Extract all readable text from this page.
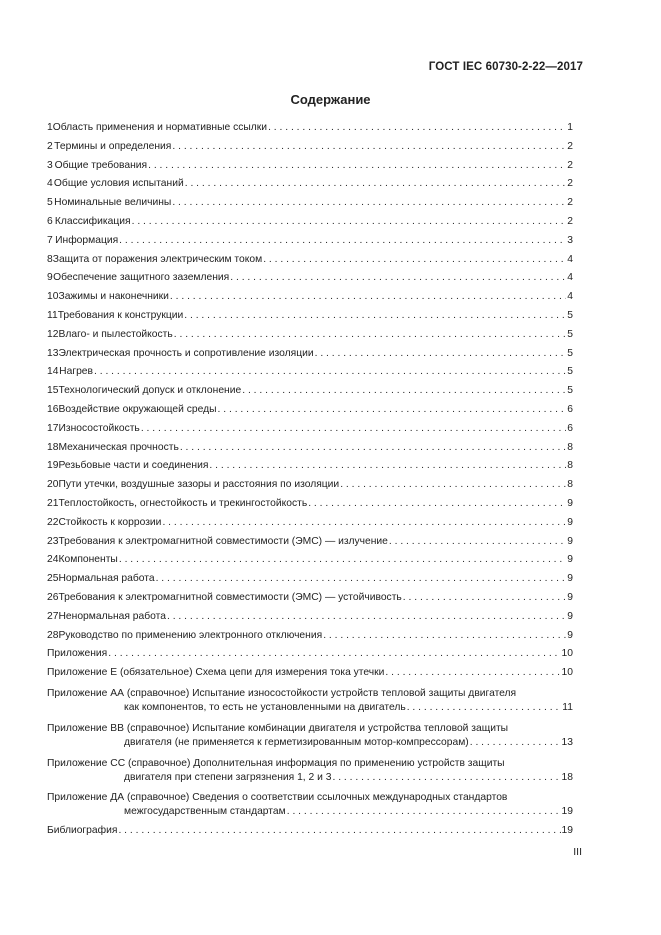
ГОСТ IEC 60730-2-22—2017
Содержание
1 Область применения и нормативные ссылки . . .	1
2 Термины и определения . . .	2
3 Общие требования . . .	2
4 Общие условия испытаний . . .	2
5 Номинальные величины . . .	2
6 Классификация . . .	2
7 Информация . . .	3
8 Защита от поражения электрическим током . . .	4
9 Обеспечение защитного заземления . . .	4
10 Зажимы и наконечники . . .	4
11 Требования к конструкции . . .	5
12 Влаго- и пылестойкость . . .	5
13 Электрическая прочность и сопротивление изоляции . . .	5
14 Нагрев . . .	5
15 Технологический допуск и отклонение . . .	5
16 Воздействие окружающей среды . . .	6
17 Износостойкость . . .	6
18 Механическая прочность . . .	8
19 Резьбовые части и соединения . . .	8
20 Пути утечки, воздушные зазоры и расстояния по изоляции . . .	8
21 Теплостойкость, огнестойкость и трекингостойкость . . .	9
22 Стойкость к коррозии . . .	9
23 Требования к электромагнитной совместимости (ЭМС) — излучение . . .	9
24 Компоненты . . .	9
25 Нормальная работа . . .	9
26 Требования к электромагнитной совместимости (ЭМС) — устойчивость . . .	9
27 Ненормальная работа . . .	9
28 Руководство по применению электронного отключения . . .	9
Приложения . . .	10
Приложение Е (обязательное) Схема цепи для измерения тока утечки . . .	10
Приложение АА (справочное) Испытание износостойкости устройств тепловой защиты двигателя
как компонентов, то есть не установленными на двигатель . . .	11
Приложение ВВ (справочное) Испытание комбинации двигателя и устройства тепловой защиты
двигателя (не применяется к герметизированным мотор-компрессорам) . . .	13
Приложение СС (справочное) Дополнительная информация по применению устройств защиты
двигателя при степени загрязнения 1, 2 и 3 . . .	18
Приложение ДА (справочное) Сведения о соответствии ссылочных международных стандартов
межгосударственным стандартам . . .	19
Библиография . . .	19
III
